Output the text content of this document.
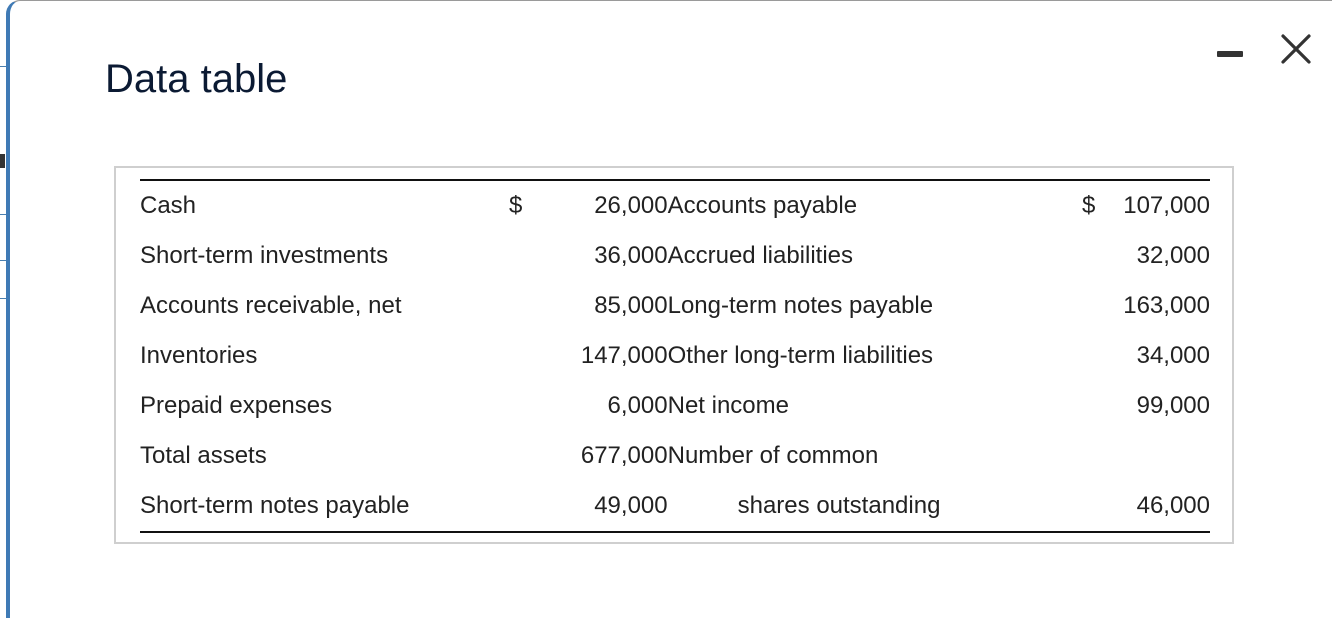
Data table
Cash	$	26,000	Accounts payable	$	107,000
Short-term investments		36,000	Accrued liabilities		32,000
Accounts receivable, net		85,000	Long-term notes payable		163,000
Inventories		147,000	Other long-term liabilities		34,000
Prepaid expenses		6,000	Net income		99,000
Total assets		677,000	Number of common		
Short-term notes payable		49,000	shares outstanding		46,000
